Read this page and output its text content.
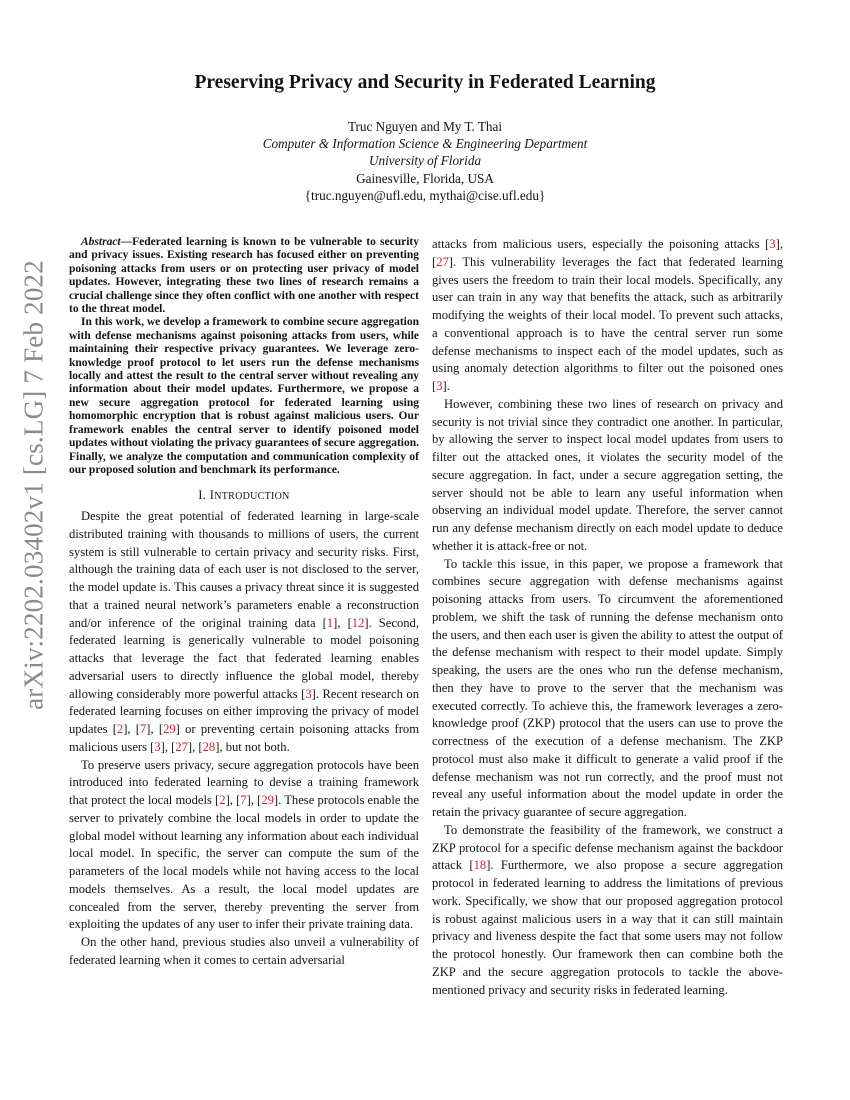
arXiv:2202.03402v1 [cs.LG] 7 Feb 2022
Preserving Privacy and Security in Federated Learning
Truc Nguyen and My T. Thai
Computer & Information Science & Engineering Department
University of Florida
Gainesville, Florida, USA
{truc.nguyen@ufl.edu, mythai@cise.ufl.edu}

Abstract—Federated learning is known to be vulnerable to security and privacy issues. Existing research has focused either on preventing poisoning attacks from users or on protecting user privacy of model updates. However, integrating these two lines of research remains a crucial challenge since they often conflict with one another with respect to the threat model.

In this work, we develop a framework to combine secure aggregation with defense mechanisms against poisoning attacks from users, while maintaining their respective privacy guarantees. We leverage zero-knowledge proof protocol to let users run the defense mechanisms locally and attest the result to the central server without revealing any information about their model updates. Furthermore, we propose a new secure aggregation protocol for federated learning using homomorphic encryption that is robust against malicious users. Our framework enables the central server to identify poisoned model updates without violating the privacy guarantees of secure aggregation. Finally, we analyze the computation and communication complexity of our proposed solution and benchmark its performance.

I. INTRODUCTION

Despite the great potential of federated learning in large-scale distributed training with thousands to millions of users, the current system is still vulnerable to certain privacy and security risks. First, although the training data of each user is not disclosed to the server, the model update is. This causes a privacy threat since it is suggested that a trained neural network’s parameters enable a reconstruction and/or inference of the original training data [1], [12]. Second, federated learning is generically vulnerable to model poisoning attacks that leverage the fact that federated learning enables adversarial users to directly influence the global model, thereby allowing considerably more powerful attacks [3]. Recent research on federated learning focuses on either improving the privacy of model updates [2], [7], [29] or preventing certain poisoning attacks from malicious users [3], [27], [28], but not both.

To preserve users privacy, secure aggregation protocols have been introduced into federated learning to devise a training framework that protect the local models [2], [7], [29]. These protocols enable the server to privately combine the local models in order to update the global model without learning any information about each individual local model. In specific, the server can compute the sum of the parameters of the local models while not having access to the local models themselves. As a result, the local model updates are concealed from the server, thereby preventing the server from exploiting the updates of any user to infer their private training data.

On the other hand, previous studies also unveil a vulnerability of federated learning when it comes to certain adversarial

attacks from malicious users, especially the poisoning attacks [3], [27]. This vulnerability leverages the fact that federated learning gives users the freedom to train their local models. Specifically, any user can train in any way that benefits the attack, such as arbitrarily modifying the weights of their local model. To prevent such attacks, a conventional approach is to have the central server run some defense mechanisms to inspect each of the model updates, such as using anomaly detection algorithms to filter out the poisoned ones [3].

However, combining these two lines of research on privacy and security is not trivial since they contradict one another. In particular, by allowing the server to inspect local model updates from users to filter out the attacked ones, it violates the security model of the secure aggregation. In fact, under a secure aggregation setting, the server should not be able to learn any useful information when observing an individual model update. Therefore, the server cannot run any defense mechanism directly on each model update to deduce whether it is attack-free or not.

To tackle this issue, in this paper, we propose a framework that combines secure aggregation with defense mechanisms against poisoning attacks from users. To circumvent the aforementioned problem, we shift the task of running the defense mechanism onto the users, and then each user is given the ability to attest the output of the defense mechanism with respect to their model update. Simply speaking, the users are the ones who run the defense mechanism, then they have to prove to the server that the mechanism was executed correctly. To achieve this, the framework leverages a zero-knowledge proof (ZKP) protocol that the users can use to prove the correctness of the execution of a defense mechanism. The ZKP protocol must also make it difficult to generate a valid proof if the defense mechanism was not run correctly, and the proof must not reveal any useful information about the model update in order the retain the privacy guarantee of secure aggregation.

To demonstrate the feasibility of the framework, we construct a ZKP protocol for a specific defense mechanism against the backdoor attack [18]. Furthermore, we also propose a secure aggregation protocol in federated learning to address the limitations of previous work. Specifically, we show that our proposed aggregation protocol is robust against malicious users in a way that it can still maintain privacy and liveness despite the fact that some users may not follow the protocol honestly. Our framework then can combine both the ZKP and the secure aggregation protocols to tackle the above-mentioned privacy and security risks in federated learning.
